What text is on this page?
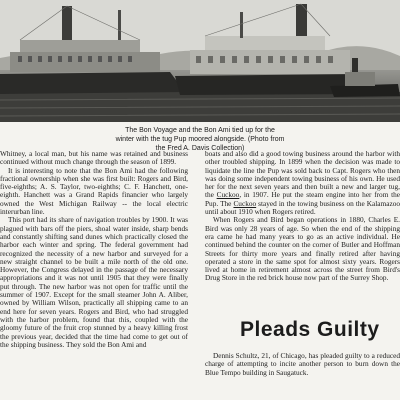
The Bon Voyage and the Bon Ami tied up for the
winter with the tug Pup moored alongside. (Photo from
the Fred A. Davis Collection)

Whitney, a local man, but his name was retained and business continued without much change through the season of 1899.

It is interesting to note that the Bon Ami had the following fractional ownership when she was first built: Rogers and Bird, five-eighths; A. S. Taylor, two-eighths; C. F. Hanchett, one-eighth. Hanchett was a Grand Rapids financier who largely owned the West Michigan Railway -- the local electric interurban line.

This port had its share of navigation troubles by 1900. It was plagued with bars off the piers, shoal water inside, sharp bends and constantly shifting sand dunes which practically closed the harbor each winter and spring. The federal government had recognized the necessity of a new harbor and surveyed for a new straight channel to be built a mile north of the old one. However, the Congress delayed in the passage of the necessary appropriations and it was not until 1905 that they were finally put through. The new harbor was not open for traffic until the summer of 1907. Except for the small steamer John A. Aliber, owned by William Wilson, practically all shipping came to an end here for seven years. Rogers and Bird, who had struggled with the harbor problem, found that this, coupled with the gloomy future of the fruit crop stunned by a heavy killing frost the previous year, decided that the time had come to get out of the shipping business. They sold the Bon Ami and

boats and also did a good towing business around the harbor with other troubled shipping. In 1899 when the decision was made to liquidate the line the Pup was sold back to Capt. Rogers who then was doing some independent towing business of his own. He used her for the next seven years and then built a new and larger tug, the Cuckoo, in 1907. He put the steam engine into her from the Pup. The Cuckoo stayed in the towing business on the Kalamazoo until about 1910 when Rogers retired.

When Rogers and Bird began operations in 1880, Charles E. Bird was only 28 years of age. So when the end of the shipping era came he had many years to go as an active individual. He continued behind the counter on the corner of Butler and Hoffman Streets for thirty more years and finally retired after having operated a store in the same spot for almost sixty years. Rogers lived at home in retirement almost across the street from Bird's Drug Store in the red brick house now part of the Surrey Shop.

Pleads Guilty

Dennis Schultz, 21, of Chicago, has pleaded guilty to a reduced charge of attempting to incite another person to burn down the Blue Tempo building in Saugatuck.
